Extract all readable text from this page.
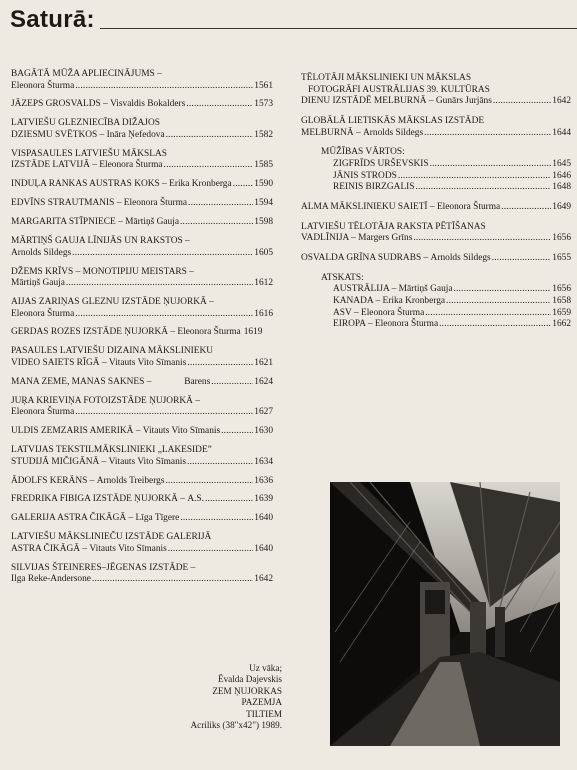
Saturā:
BAGĀTĀ MŪŽA APLIECINĀJUMS –
Eleonora Šturma .....	1561
JĀZEPS GROSVALDS – Visvaldis Bokalders .....	1573
LATVIEŠU GLEZNIECĪBA DIŽAJOS
DZIESMU SVĒTKOS – Ināra Ņefedova .....	1582
VISPASAULES LATVIEŠU MĀKSLAS
IZSTĀDE LATVIJĀ – Eleonora Šturma .....	1585
INDUĻA RANKAS AUSTRAS KOKS – Erika Kronberga ..... 1590
EDVĪNS STRAUTMANIS – Eleonora Šturma .....	1594
MARGARITA STĪPNIECE – Mārtiņš Gauja .....	1598
MĀRTIŅŠ GAUJA LĪNIJĀS UN RAKSTOS –
Arnolds Sildegs .....	1605
DŽEMS KRĪVS – MONOTIPIJU MEISTARS –
Mārtiņš Gauja .....	1612
AIJAS ZARIŅAS GLEZNU IZSTĀDE ŅUJORKĀ –
Eleonora Šturma .....	1616
GERDAS ROZES IZSTĀDE ŅUJORKĀ – Eleonora Šturma 1619
PASAULES LATVIEŠU DIZAINA MĀKSLINIEKU
VIDEO SAIETS RĪGĀ – Vitauts Vito Sīmanis .....	1621
MANA ZEME, MANAS SAKNES – Barens .....	1624
JUŖA KRIEVIŅA FOTOIZSTĀDE ŅUJORKĀ –
Eleonora Šturma .....	1627
ULDIS ZEMZARIS AMERIKĀ – Vitauts Vito Sīmanis .....	1630
LATVIJAS TEKSTILMĀKSLINIEKI „LAKESIDE”
STUDIJĀ MIČIGĀNĀ – Vitauts Vito Sīmanis .....	1634
ĀDOLFS KERÄNS – Arnolds Treibergs .....	1636
FREDRIKA FIBIGA IZSTĀDE ŅUJORKĀ – A.S. .....	1639
GALERIJA ASTRA ČIKĀGĀ – Līga Tīgere .....	1640
LATVIEŠU MĀKSLINIEČU IZSTĀDE GALERIJĀ
ASTRA ČIKĀGĀ – Vitauts Vito Sīmanis .....	1640
SILVIJAS ŠTEINERES–JĒGENAS IZSTĀDE –
Ilga Reke-Andersone .....	1642
TĒLOTĀJI MĀKSLINIEKI UN MĀKSLAS
FOTOGRĀFI AUSTRĀLIJAS 39. KULTŪRAS
DIENU IZSTĀDĒ MELBURNĀ – Gunārs Jurjāns .....	1642
GLOBĀLĀ LIETISKĀS MĀKSLAS IZSTĀDE
MELBURNĀ – Arnolds Sildegs .....	1644
MŪŽĪBAS VĀRTOS:
ZIGFRĪDS URŠEVSKIS .....	1645
JĀNIS STRODS .....	1646
REINIS BIRZGALIS .....	1648
ALMA MĀKSLINIEKU SAIETĪ – Eleonora Šturma .....	1649
LATVIEŠU TĒLOTĀJA RAKSTA PĒTĪŠANAS
VADLĪNIJA – Margers Grīns .....	1656
OSVALDA GRĪNA SUDRABS – Arnolds Sildegs .....	1655
ATSKATS:
AUSTRĀLIJA – Mārtiņš Gauja .....	1656
KANADA – Erika Kronberga .....	1658
ASV – Eleonora Šturma .....	1659
EIROPA – Eleonora Šturma .....	1662
Uz vāka;
Ēvalda Dajevskis
ZEM ŅUJORKAS
PAZEMJA
TILTIEM
Acriliks (38"x42") 1989.
